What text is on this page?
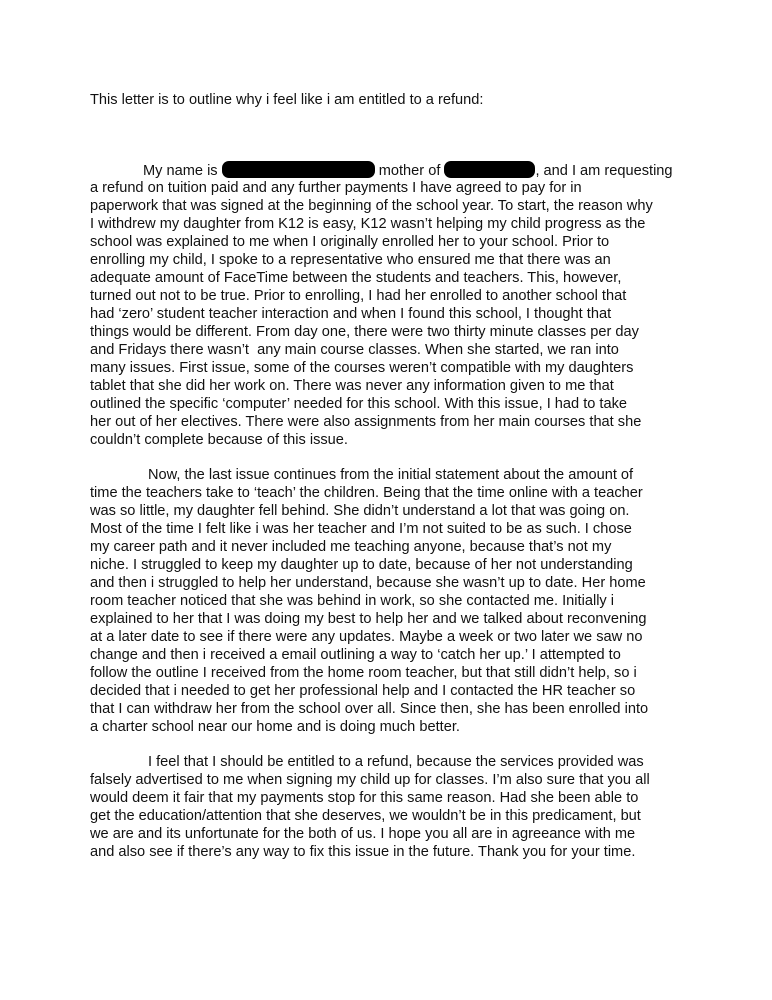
This letter is to outline why i feel like i am entitled to a refund:
My name is	mother of	, and I am requesting
a refund on tuition paid and any further payments I have agreed to pay for in
paperwork that was signed at the beginning of the school year. To start, the reason why
I withdrew my daughter from K12 is easy, K12 wasn’t helping my child progress as the
school was explained to me when I originally enrolled her to your school. Prior to
enrolling my child, I spoke to a representative who ensured me that there was an
adequate amount of FaceTime between the students and teachers. This, however,
turned out not to be true. Prior to enrolling, I had her enrolled to another school that
had ‘zero’ student teacher interaction and when I found this school, I thought that
things would be different. From day one, there were two thirty minute classes per day
and Fridays there wasn’t  any main course classes. When she started, we ran into
many issues. First issue, some of the courses weren’t compatible with my daughters
tablet that she did her work on. There was never any information given to me that
outlined the specific ‘computer’ needed for this school. With this issue, I had to take
her out of her electives. There were also assignments from her main courses that she
couldn’t complete because of this issue.
Now, the last issue continues from the initial statement about the amount of
time the teachers take to ‘teach’ the children. Being that the time online with a teacher
was so little, my daughter fell behind. She didn’t understand a lot that was going on.
Most of the time I felt like i was her teacher and I’m not suited to be as such. I chose
my career path and it never included me teaching anyone, because that’s not my
niche. I struggled to keep my daughter up to date, because of her not understanding
and then i struggled to help her understand, because she wasn’t up to date. Her home
room teacher noticed that she was behind in work, so she contacted me. Initially i
explained to her that I was doing my best to help her and we talked about reconvening
at a later date to see if there were any updates. Maybe a week or two later we saw no
change and then i received a email outlining a way to ‘catch her up.’ I attempted to
follow the outline I received from the home room teacher, but that still didn’t help, so i
decided that i needed to get her professional help and I contacted the HR teacher so
that I can withdraw her from the school over all. Since then, she has been enrolled into
a charter school near our home and is doing much better.
I feel that I should be entitled to a refund, because the services provided was
falsely advertised to me when signing my child up for classes. I’m also sure that you all
would deem it fair that my payments stop for this same reason. Had she been able to
get the education/attention that she deserves, we wouldn’t be in this predicament, but
we are and its unfortunate for the both of us. I hope you all are in agreeance with me
and also see if there’s any way to fix this issue in the future. Thank you for your time.
